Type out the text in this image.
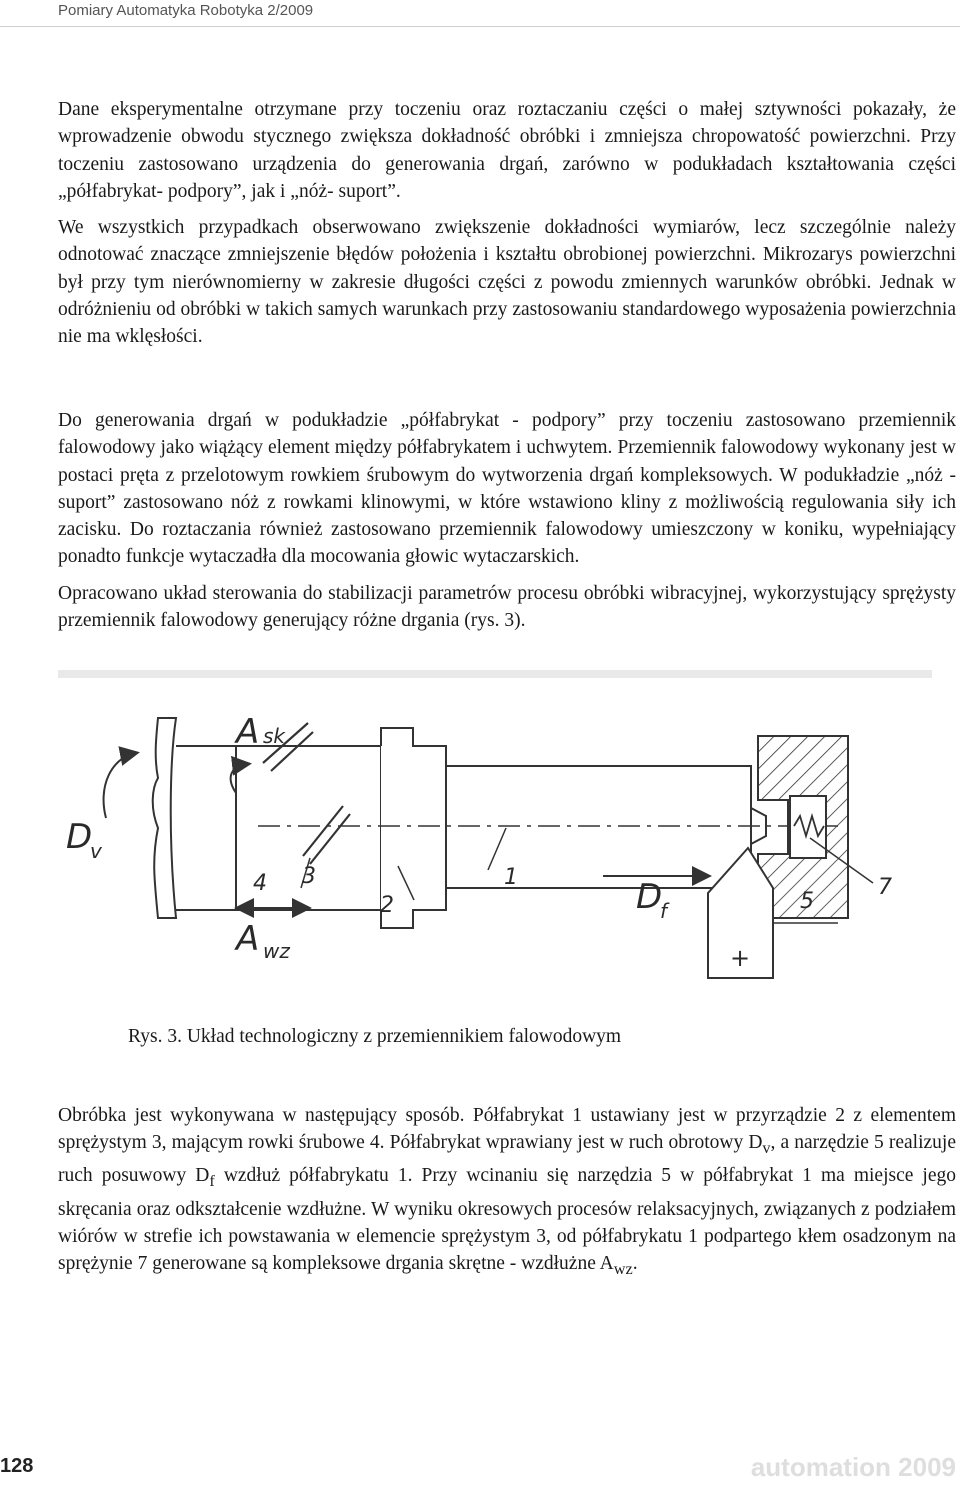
Pomiary Automatyka Robotyka 2/2009

Dane eksperymentalne otrzymane przy toczeniu oraz roztaczaniu części o małej sztywności pokazały, że wprowadzenie obwodu stycznego zwiększa dokładność obróbki i zmniejsza chropowatość powierzchni. Przy toczeniu zastosowano urządzenia do generowania drgań, zarówno w podukładach kształtowania części „półfabrykat- podpory”, jak i „nóż- suport”.

We wszystkich przypadkach obserwowano zwiększenie dokładności wymiarów, lecz szczególnie należy odnotować znaczące zmniejszenie błędów położenia i kształtu obrobionej powierzchni. Mikrozarys powierzchni był przy tym nierównomierny w zakresie długości części z powodu zmiennych warunków obróbki. Jednak w odróżnieniu od obróbki w takich samych warunkach przy zastosowaniu standardowego wyposażenia powierzchnia nie ma wklęsłości.

Do generowania drgań w podukładzie „półfabrykat - podpory” przy toczeniu zastosowano przemiennik falowodowy jako wiążący element między półfabrykatem i uchwytem. Przemiennik falowodowy wykonany jest w postaci pręta z przelotowym rowkiem śrubowym do wytworzenia drgań kompleksowych. W podukładzie „nóż - suport” zastosowano nóż z rowkami klinowymi, w które wstawiono kliny z możliwością regulowania siły ich zacisku. Do roztaczania również zastosowano przemiennik falowodowy umieszczony w koniku, wypełniający ponadto funkcje wytaczadła dla mocowania głowic wytaczarskich.

Opracowano układ sterowania do stabilizacji parametrów procesu obróbki wibracyjnej, wykorzystujący sprężysty przemiennik falowodowy generujący różne drgania (rys. 3).

A sk
D
v
D
f
A wz
1
2
3
4
5
7
+
Rys. 3. Układ technologiczny z przemiennikiem falowodowym

Obróbka jest wykonywana w następujący sposób. Półfabrykat 1 ustawiany jest w przyrządzie 2 z elementem sprężystym 3, mającym rowki śrubowe 4. Półfabrykat wprawiany jest w ruch obrotowy $D_v$, a narzędzie 5 realizuje ruch posuwowy $D_f$ wzdłuż półfabrykatu 1. Przy wcinaniu się narzędzia 5 w półfabrykat 1 ma miejsce jego skręcania oraz odkształcenie wzdłużne. W wyniku okresowych procesów relaksacyjnych, związanych z podziałem wiórów w strefie ich powstawania w elemencie sprężystym 3, od półfabrykatu 1 podpartego kłem osadzonym na sprężynie 7 generowane są kompleksowe drgania skrętne - wzdłużne $A_{wz}$.

128	automation 2009
